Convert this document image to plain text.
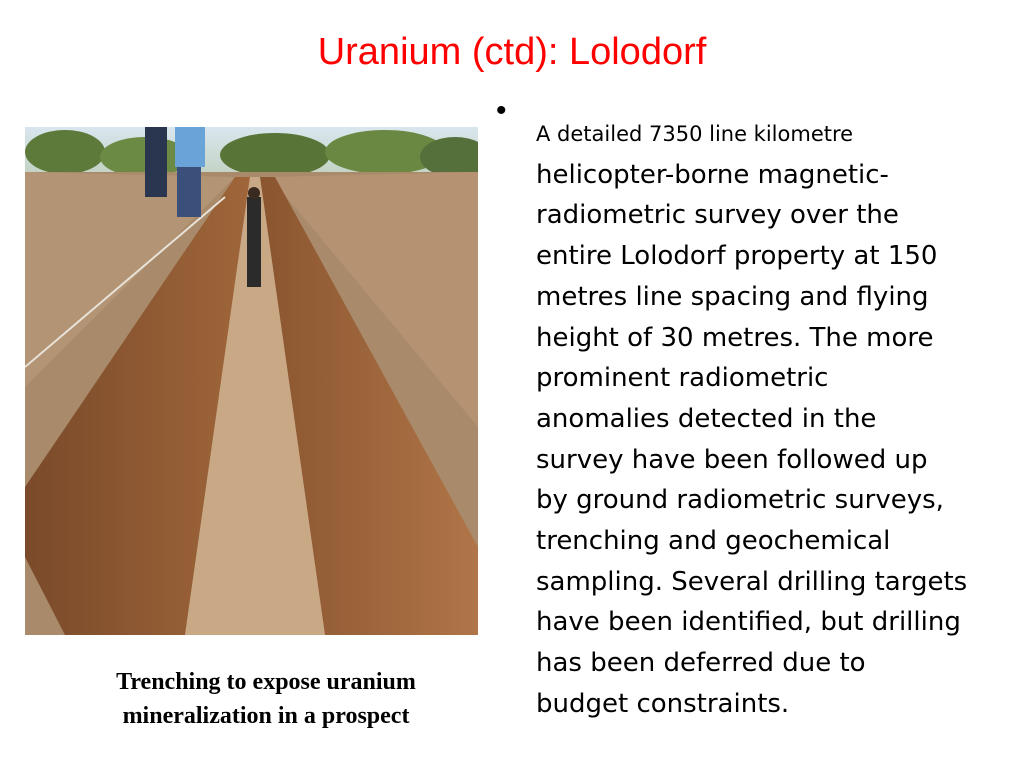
Uranium (ctd): Lolodorf
Trenching to expose uranium
mineralization in a prospect
•
A detailed 7350 line kilometre
helicopter-borne magnetic-
radiometric survey over the
entire Lolodorf property at 150
metres line spacing and flying
height of 30 metres. The more
prominent radiometric
anomalies detected in the
survey have been followed up
by ground radiometric surveys,
trenching and geochemical
sampling. Several drilling targets
have been identified, but drilling
has been deferred due to
budget constraints.
